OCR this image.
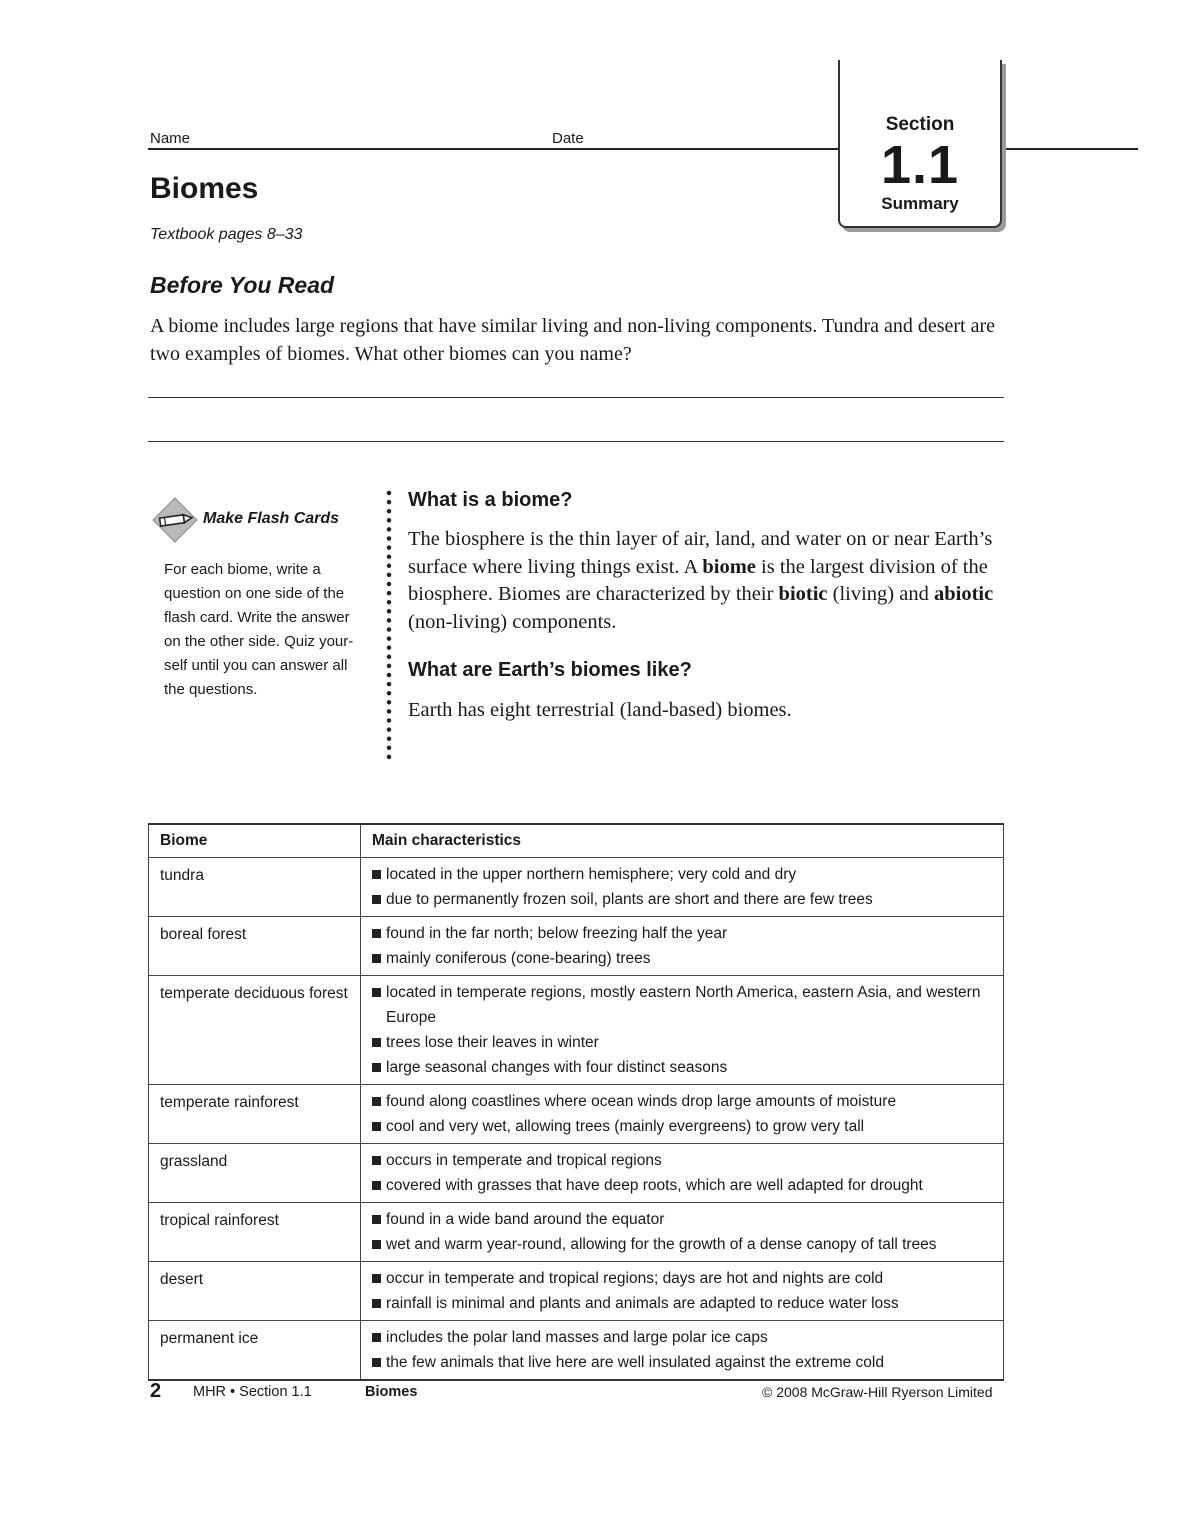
Name	Date
Section
1.1
Summary
Biomes
Textbook pages 8–33
Before You Read
A biome includes large regions that have similar living and non-living components. Tundra and desert are two examples of biomes. What other biomes can you name?
Make Flash Cards
For each biome, write a question on one side of the flash card. Write the answer on the other side. Quiz your-self until you can answer all the questions.
What is a biome?
The biosphere is the thin layer of air, land, and water on or near Earth’s surface where living things exist. A biome is the largest division of the biosphere. Biomes are characterized by their biotic (living) and abiotic (non-living) components.
What are Earth’s biomes like?
Earth has eight terrestrial (land-based) biomes.
Biome	Main characteristics

tundra	located in the upper northern hemisphere; very cold and dry
due to permanently frozen soil, plants are short and there are few trees

boreal forest	found in the far north; below freezing half the year
mainly coniferous (cone-bearing) trees

temperate deciduous forest	located in temperate regions, mostly eastern North America, eastern Asia, and western Europe
trees lose their leaves in winter
large seasonal changes with four distinct seasons

temperate rainforest	found along coastlines where ocean winds drop large amounts of moisture
cool and very wet, allowing trees (mainly evergreens) to grow very tall

grassland	occurs in temperate and tropical regions
covered with grasses that have deep roots, which are well adapted for drought

tropical rainforest	found in a wide band around the equator
wet and warm year-round, allowing for the growth of a dense canopy of tall trees

desert	occur in temperate and tropical regions; days are hot and nights are cold
rainfall is minimal and plants and animals are adapted to reduce water loss

permanent ice	includes the polar land masses and large polar ice caps
the few animals that live here are well insulated against the extreme cold
2 MHR • Section 1.1	Biomes	© 2008 McGraw-Hill Ryerson Limited
